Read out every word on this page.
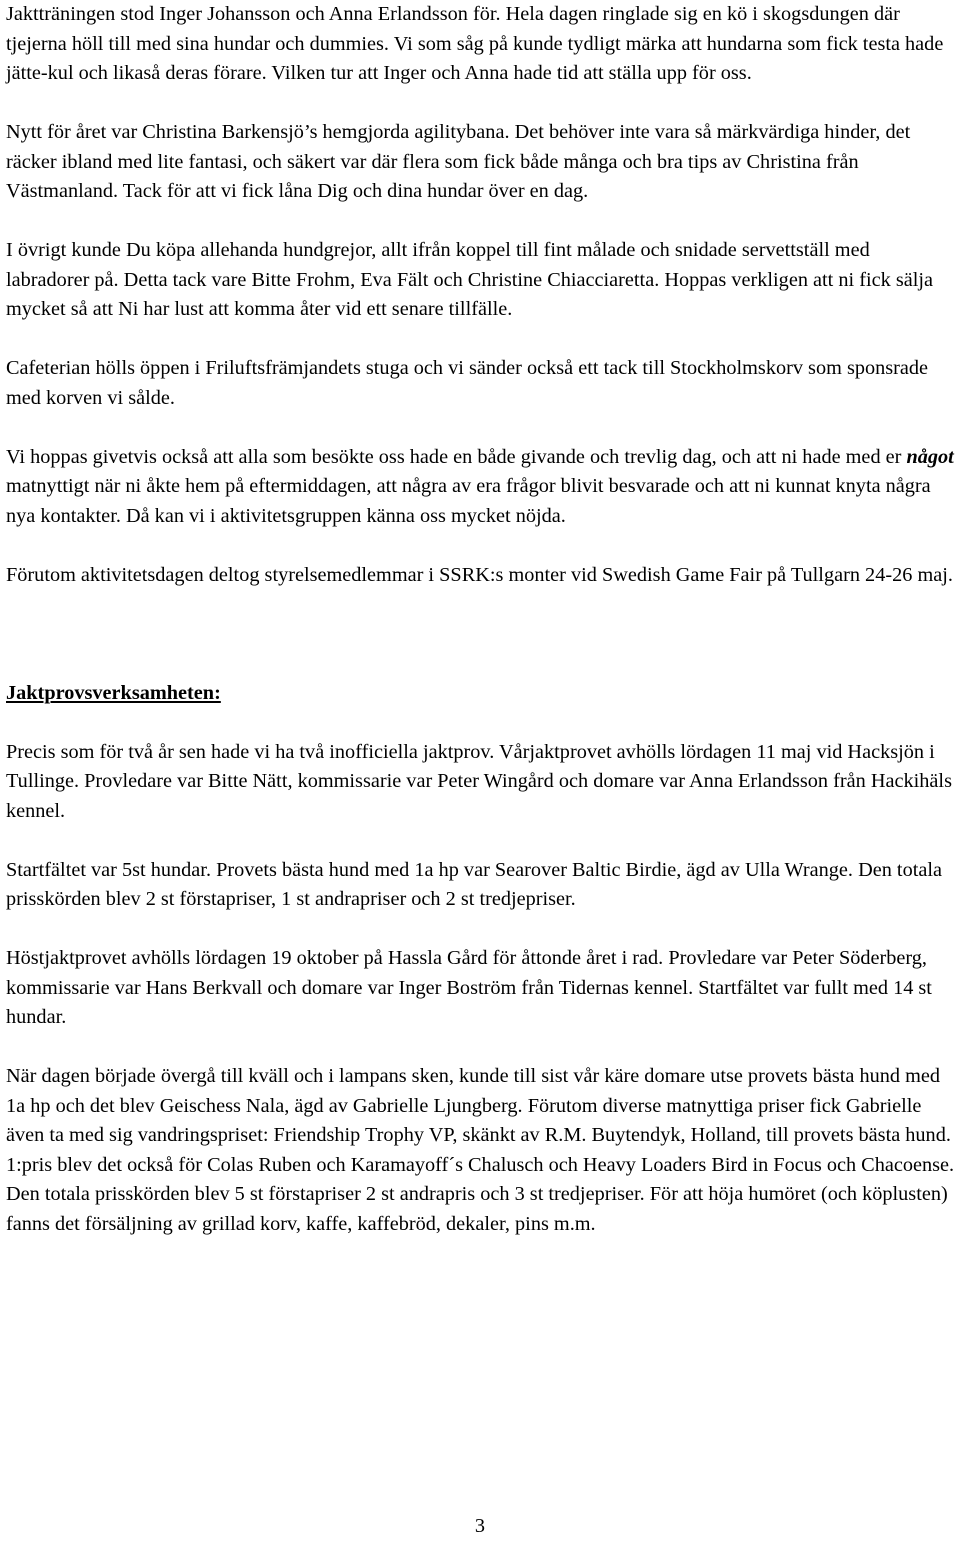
Jaktträningen stod Inger Johansson och Anna Erlandsson för. Hela dagen ringlade sig en kö i skogsdungen där tjejerna höll till med sina hundar och dummies. Vi som såg på kunde tydligt märka att hundarna som fick testa hade jätte-kul och likaså deras förare. Vilken tur att Inger och Anna hade tid att ställa upp för oss.

Nytt för året var Christina Barkensjö’s hemgjorda agilitybana. Det behöver inte vara så märkvärdiga hinder, det räcker ibland med lite fantasi, och säkert var där flera som fick både många och bra tips av Christina från Västmanland. Tack för att vi fick låna Dig och dina hundar över en dag.

I övrigt kunde Du köpa allehanda hundgrejor, allt ifrån koppel till fint målade och snidade servettställ med labradorer på. Detta tack vare Bitte Frohm, Eva Fält och Christine Chiacciaretta. Hoppas verkligen att ni fick sälja mycket så att Ni har lust att komma åter vid ett senare tillfälle.

Cafeterian hölls öppen i Friluftsfrämjandets stuga och vi sänder också ett tack till Stockholmskorv som sponsrade med korven vi sålde.

Vi hoppas givetvis också att alla som besökte oss hade en både givande och trevlig dag, och att ni hade med er något matnyttigt när ni åkte hem på eftermiddagen, att några av era frågor blivit besvarade och att ni kunnat knyta några nya kontakter. Då kan vi i aktivitetsgruppen känna oss mycket nöjda.

Förutom aktivitetsdagen deltog styrelsemedlemmar i SSRK:s monter vid Swedish Game Fair på Tullgarn 24-26 maj.

Jaktprovsverksamheten:

Precis som för två år sen hade vi ha två inofficiella jaktprov. Vårjaktprovet avhölls lördagen 11 maj vid Hacksjön i Tullinge. Provledare var Bitte Nätt, kommissarie var Peter Wingård och domare var Anna Erlandsson från Hackihäls kennel.

Startfältet var 5st hundar. Provets bästa hund med 1a hp var Searover Baltic Birdie, ägd av Ulla Wrange. Den totala prisskörden blev 2 st förstapriser, 1 st andrapriser och 2 st tredjepriser.

Höstjaktprovet avhölls lördagen 19 oktober på Hassla Gård för åttonde året i rad. Provledare var Peter Söderberg, kommissarie var Hans Berkvall och domare var Inger Boström från Tidernas kennel. Startfältet var fullt med 14 st hundar.

När dagen började övergå till kväll och i lampans sken, kunde till sist vår käre domare utse provets bästa hund med 1a hp och det blev Geischess Nala, ägd av Gabrielle Ljungberg. Förutom diverse matnyttiga priser fick Gabrielle även ta med sig vandringspriset: Friendship Trophy VP, skänkt av R.M. Buytendyk, Holland, till provets bästa hund. 1:pris blev det också för Colas Ruben och Karamayoff´s Chalusch och Heavy Loaders Bird in Focus och Chacoense. Den totala prisskörden blev 5 st förstapriser 2 st andrapris och 3 st tredjepriser. För att höja humöret (och köplusten) fanns det försäljning av grillad korv, kaffe, kaffebröd, dekaler, pins m.m.

3
